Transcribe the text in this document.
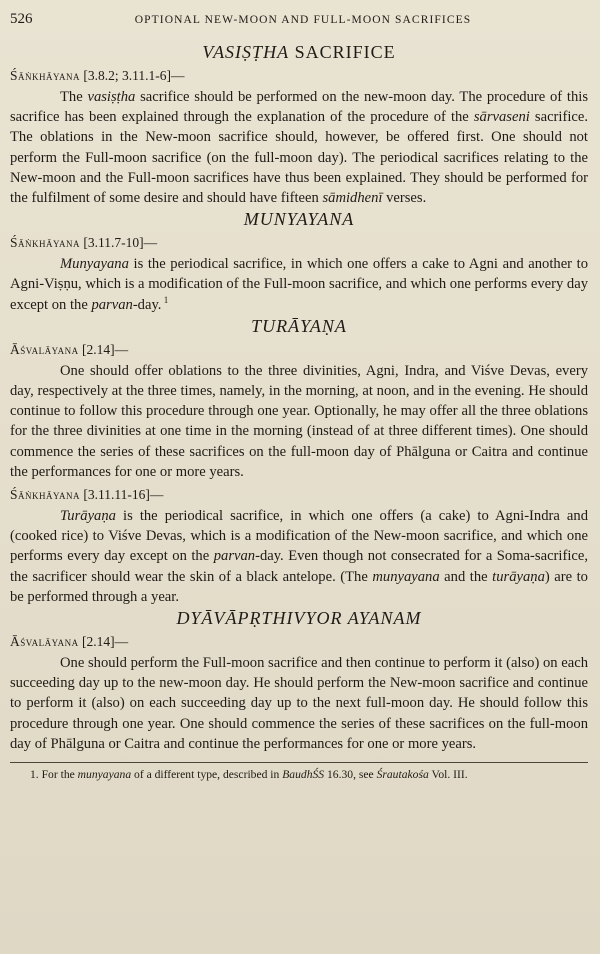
526	OPTIONAL NEW-MOON AND FULL-MOON SACRIFICES
VASIṢṬHA SACRIFICE
Śāṅkhāyana [3.8.2; 3.11.1-6]—

The vasiṣṭha sacrifice should be performed on the new-moon day. The procedure of this sacrifice has been explained through the explanation of the procedure of the sārvaseni sacrifice. The oblations in the New-moon sacrifice should, however, be offered first. One should not perform the Full-moon sacrifice (on the full-moon day). The periodical sacrifices relating to the New-moon and the Full-moon sacrifices have thus been explained. They should be performed for the fulfilment of some desire and should have fifteen sāmidhenī verses.

MUNYAYANA
Śāṅkhāyana [3.11.7-10]—

Munyayana is the periodical sacrifice, in which one offers a cake to Agni and another to Agni-Viṣṇu, which is a modification of the Full-moon sacrifice, and which one performs every day except on the parvan-day. $^1$

TURĀYAṆA
Āśvalāyana [2.14]—

One should offer oblations to the three divinities, Agni, Indra, and Viśve Devas, every day, respectively at the three times, namely, in the morning, at noon, and in the evening. He should continue to follow this procedure through one year. Optionally, he may offer all the three oblations for the three divinities at one time in the morning (instead of at three different times). One should commence the series of these sacrifices on the full-moon day of Phālguna or Caitra and continue the performances for one or more years.

Śāṅkhāyana [3.11.11-16]—

Turāyaṇa is the periodical sacrifice, in which one offers (a cake) to Agni-Indra and (cooked rice) to Viśve Devas, which is a modification of the New-moon sacrifice, and which one performs every day except on the parvan-day. Even though not consecrated for a Soma-sacrifice, the sacrificer should wear the skin of a black antelope. (The munyayana and the turāyaṇa) are to be performed through a year.

DYĀVĀPṚTHIVYOR AYANAM
Āśvalāyana [2.14]—

One should perform the Full-moon sacrifice and then continue to perform it (also) on each succeeding day up to the new-moon day. He should perform the New-moon sacrifice and continue to perform it (also) on each succeeding day up to the next full-moon day. He should follow this procedure through one year. One should commence the series of these sacrifices on the full-moon day of Phālguna or Caitra and continue the performances for one or more years.

1. For the munyayana of a different type, described in BaudhŚS 16.30, see Śrautakośa Vol. III.
